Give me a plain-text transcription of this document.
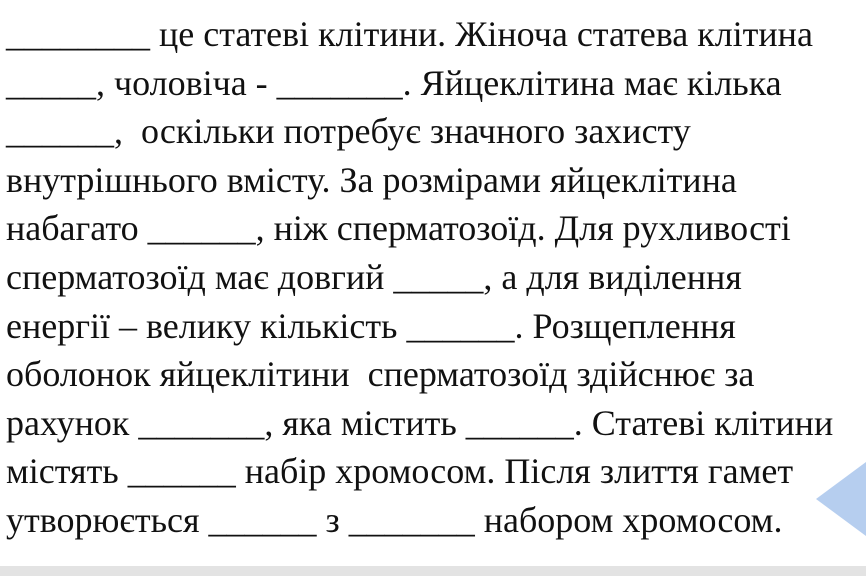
________ це статеві клітини. Жіноча статева клітина
_____, чоловіча - _______. Яйцеклітина має кілька
______,  оскільки потребує значного захисту
внутрішнього вмісту. За розмірами яйцеклітина
набагато ______, ніж сперматозоїд. Для рухливості
сперматозоїд має довгий _____, а для виділення
енергії – велику кількість ______. Розщеплення
оболонок яйцеклітини  сперматозоїд здійснює за
рахунок _______, яка містить ______. Статеві клітини
містять ______ набір хромосом. Після злиття гамет
утворюється ______ з _______ набором хромосом.
